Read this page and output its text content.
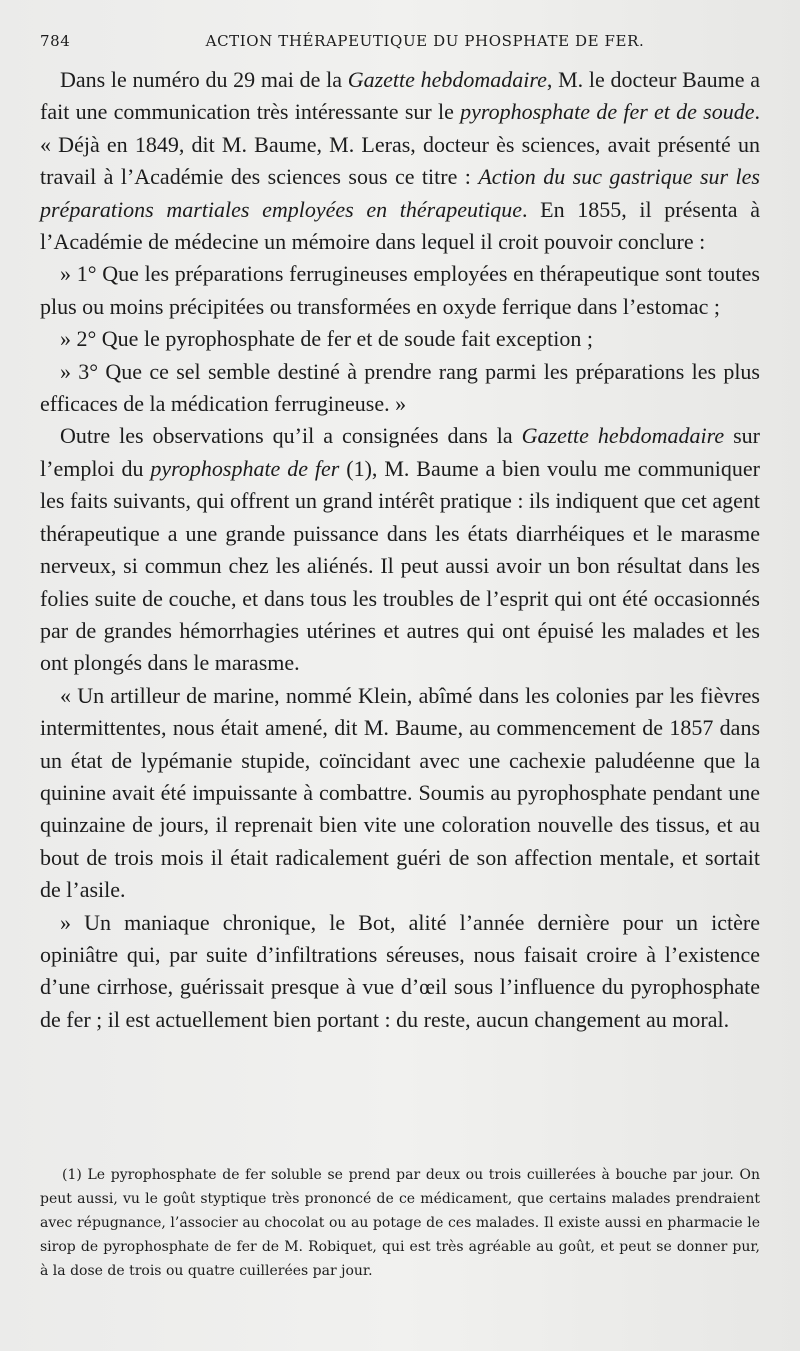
784	ACTION THÉRAPEUTIQUE DU PHOSPHATE DE FER.

Dans le numéro du 29 mai de la Gazette hebdomadaire, M. le docteur Baume a fait une communication très intéressante sur le pyrophosphate de fer et de soude. « Déjà en 1849, dit M. Baume, M. Leras, docteur ès sciences, avait présenté un travail à l’Académie des sciences sous ce titre : Action du suc gastrique sur les préparations martiales employées en thérapeutique. En 1855, il présenta à l’Académie de médecine un mémoire dans lequel il croit pouvoir conclure :

» 1° Que les préparations ferrugineuses employées en thérapeutique sont toutes plus ou moins précipitées ou transformées en oxyde ferrique dans l’estomac ;

» 2° Que le pyrophosphate de fer et de soude fait exception ;

» 3° Que ce sel semble destiné à prendre rang parmi les préparations les plus efficaces de la médication ferrugineuse. »

Outre les observations qu’il a consignées dans la Gazette hebdomadaire sur l’emploi du pyrophosphate de fer (1), M. Baume a bien voulu me communiquer les faits suivants, qui offrent un grand intérêt pratique : ils indiquent que cet agent thérapeutique a une grande puissance dans les états diarrhéiques et le marasme nerveux, si commun chez les aliénés. Il peut aussi avoir un bon résultat dans les folies suite de couche, et dans tous les troubles de l’esprit qui ont été occasionnés par de grandes hémorrhagies utérines et autres qui ont épuisé les malades et les ont plongés dans le marasme.

« Un artilleur de marine, nommé Klein, abîmé dans les colonies par les fièvres intermittentes, nous était amené, dit M. Baume, au commencement de 1857 dans un état de lypémanie stupide, coïncidant avec une cachexie paludéenne que la quinine avait été impuissante à combattre. Soumis au pyrophosphate pendant une quinzaine de jours, il reprenait bien vite une coloration nouvelle des tissus, et au bout de trois mois il était radicalement guéri de son affection mentale, et sortait de l’asile.

» Un maniaque chronique, le Bot, alité l’année dernière pour un ictère opiniâtre qui, par suite d’infiltrations séreuses, nous faisait croire à l’existence d’une cirrhose, guérissait presque à vue d’œil sous l’influence du pyrophosphate de fer ; il est actuellement bien portant : du reste, aucun changement au moral.

(1) Le pyrophosphate de fer soluble se prend par deux ou trois cuillerées à bouche par jour. On peut aussi, vu le goût styptique très prononcé de ce médicament, que certains malades prendraient avec répugnance, l’associer au chocolat ou au potage de ces malades. Il existe aussi en pharmacie le sirop de pyrophosphate de fer de M. Robiquet, qui est très agréable au goût, et peut se donner pur, à la dose de trois ou quatre cuillerées par jour.
